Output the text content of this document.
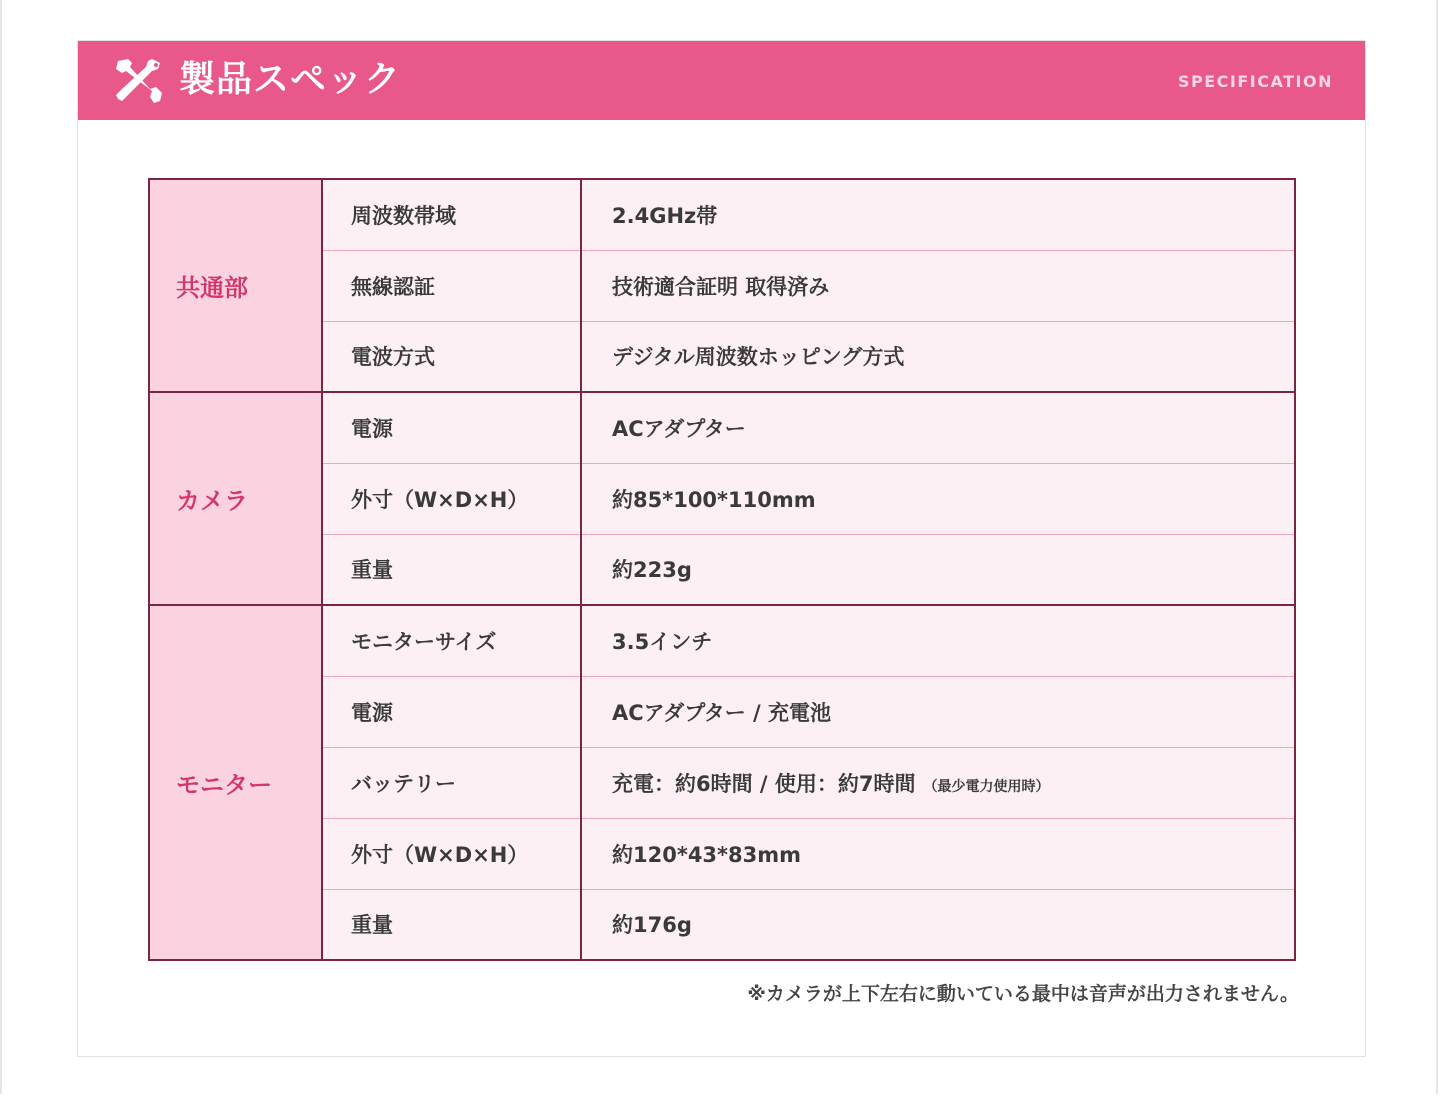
製品スペック	SPECIFICATION
共通部	周波数帯域	2.4GHz帯
	無線認証	技術適合証明 取得済み
	電波方式	デジタル周波数ホッピング方式
カメラ	電源	ACアダプター
	外寸（W×D×H）	約85*100*110mm
	重量	約223g
モニター	モニターサイズ	3.5インチ
	電源	ACアダプター / 充電池
	バッテリー	充電：約6時間 / 使用：約7時間 （最少電力使用時）
	外寸（W×D×H）	約120*43*83mm
	重量	約176g
※カメラが上下左右に動いている最中は音声が出力されません。
